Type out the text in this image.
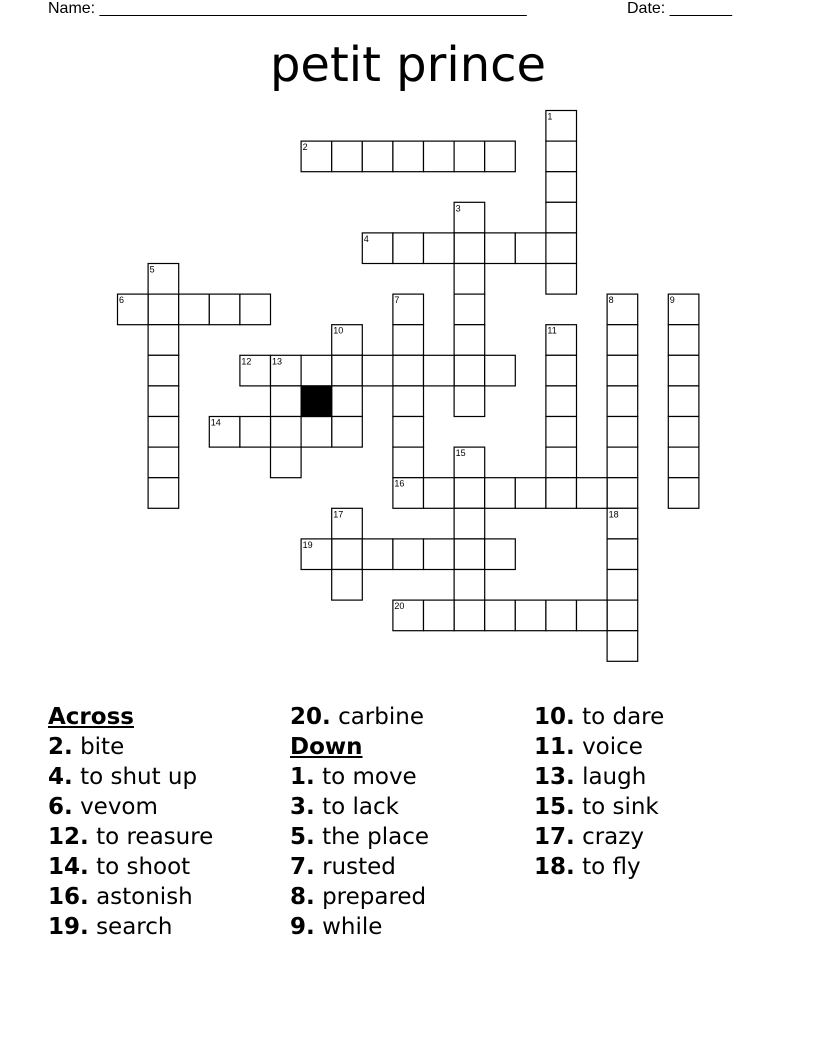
Name: ________________________________________________	Date: _______
petit prince
1
2
3
4
5
6	7	8	9
10	11
12 13
14
15
16
17	18
19
20
Across
2. bite
4. to shut up
6. vevom
12. to reasure
14. to shoot
16. astonish
19. search
20. carbine
Down
1. to move
3. to lack
5. the place
7. rusted
8. prepared
9. while
10. to dare
11. voice
13. laugh
15. to sink
17. crazy
18. to fly
